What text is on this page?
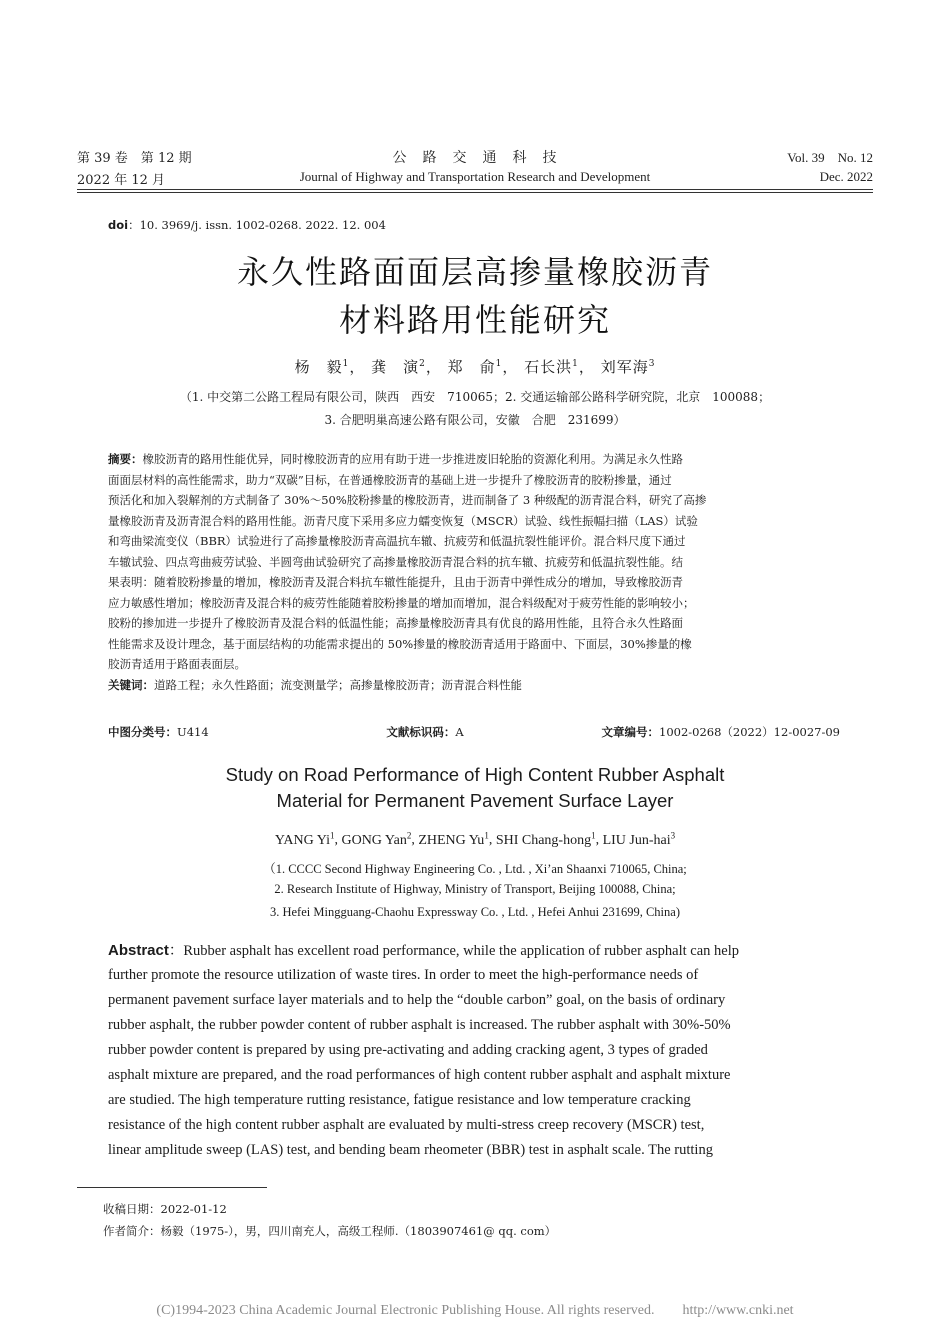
第 39 卷　第 12 期
2022 年 12 月
公　路　交　通　科　技
Journal of Highway and Transportation Research and Development
Vol. 39　No. 12
Dec. 2022
doi：10. 3969/j. issn. 1002-0268. 2022. 12. 004
永久性路面面层高掺量橡胶沥青
材料路用性能研究
杨　毅$^1$， 龚　演$^2$， 郑　俞$^1$， 石长洪$^1$， 刘军海$^3$
（1. 中交第二公路工程局有限公司，陕西　西安　710065；2. 交通运输部公路科学研究院，北京　100088；
3. 合肥明巢高速公路有限公司，安徽　合肥　231699）
摘要：橡胶沥青的路用性能优异，同时橡胶沥青的应用有助于进一步推进废旧轮胎的资源化利用。为满足永久性路
面面层材料的高性能需求，助力“双碳”目标，在普通橡胶沥青的基础上进一步提升了橡胶沥青的胶粉掺量，通过
预活化和加入裂解剂的方式制备了 30%～50%胶粉掺量的橡胶沥青，进而制备了 3 种级配的沥青混合料，研究了高掺
量橡胶沥青及沥青混合料的路用性能。沥青尺度下采用多应力蠕变恢复（MSCR）试验、线性振幅扫描（LAS）试验
和弯曲梁流变仪（BBR）试验进行了高掺量橡胶沥青高温抗车辙、抗疲劳和低温抗裂性能评价。混合料尺度下通过
车辙试验、四点弯曲疲劳试验、半圆弯曲试验研究了高掺量橡胶沥青混合料的抗车辙、抗疲劳和低温抗裂性能。结
果表明：随着胶粉掺量的增加，橡胶沥青及混合料抗车辙性能提升，且由于沥青中弹性成分的增加，导致橡胶沥青
应力敏感性增加；橡胶沥青及混合料的疲劳性能随着胶粉掺量的增加而增加，混合料级配对于疲劳性能的影响较小；
胶粉的掺加进一步提升了橡胶沥青及混合料的低温性能；高掺量橡胶沥青具有优良的路用性能，且符合永久性路面
性能需求及设计理念，基于面层结构的功能需求提出的 50%掺量的橡胶沥青适用于路面中、下面层，30%掺量的橡
胶沥青适用于路面表面层。
关键词： 道路工程；永久性路面；流变测量学；高掺量橡胶沥青；沥青混合料性能
中图分类号：U414	文献标识码：A	文章编号：1002-0268（2022）12-0027-09
Study on Road Performance of High Content Rubber Asphalt
Material for Permanent Pavement Surface Layer
YANG Yi$^1$, GONG Yan$^2$, ZHENG Yu$^1$, SHI Chang-hong$^1$, LIU Jun-hai$^3$
（1. CCCC Second Highway Engineering Co. , Ltd. , Xi’an Shaanxi 710065, China;
2. Research Institute of Highway, Ministry of Transport, Beijing 100088, China;
3. Hefei Mingguang-Chaohu Expressway Co. , Ltd. , Hefei Anhui 231699, China)
Abstract：Rubber asphalt has excellent road performance, while the application of rubber asphalt can help
further promote the resource utilization of waste tires. In order to meet the high-performance needs of
permanent pavement surface layer materials and to help the “double carbon” goal, on the basis of ordinary
rubber asphalt, the rubber powder content of rubber asphalt is increased. The rubber asphalt with 30%-50%
rubber powder content is prepared by using pre-activating and adding cracking agent, 3 types of graded
asphalt mixture are prepared, and the road performances of high content rubber asphalt and asphalt mixture
are studied. The high temperature rutting resistance, fatigue resistance and low temperature cracking
resistance of the high content rubber asphalt are evaluated by multi-stress creep recovery (MSCR) test,
linear amplitude sweep (LAS) test, and bending beam rheometer (BBR) test in asphalt scale. The rutting
收稿日期：2022-01-12
作者简介：杨毅（1975-），男，四川南充人，高级工程师.（1803907461@ qq. com）
(C)1994-2023 China Academic Journal Electronic Publishing House. All rights reserved.　　http://www.cnki.net
